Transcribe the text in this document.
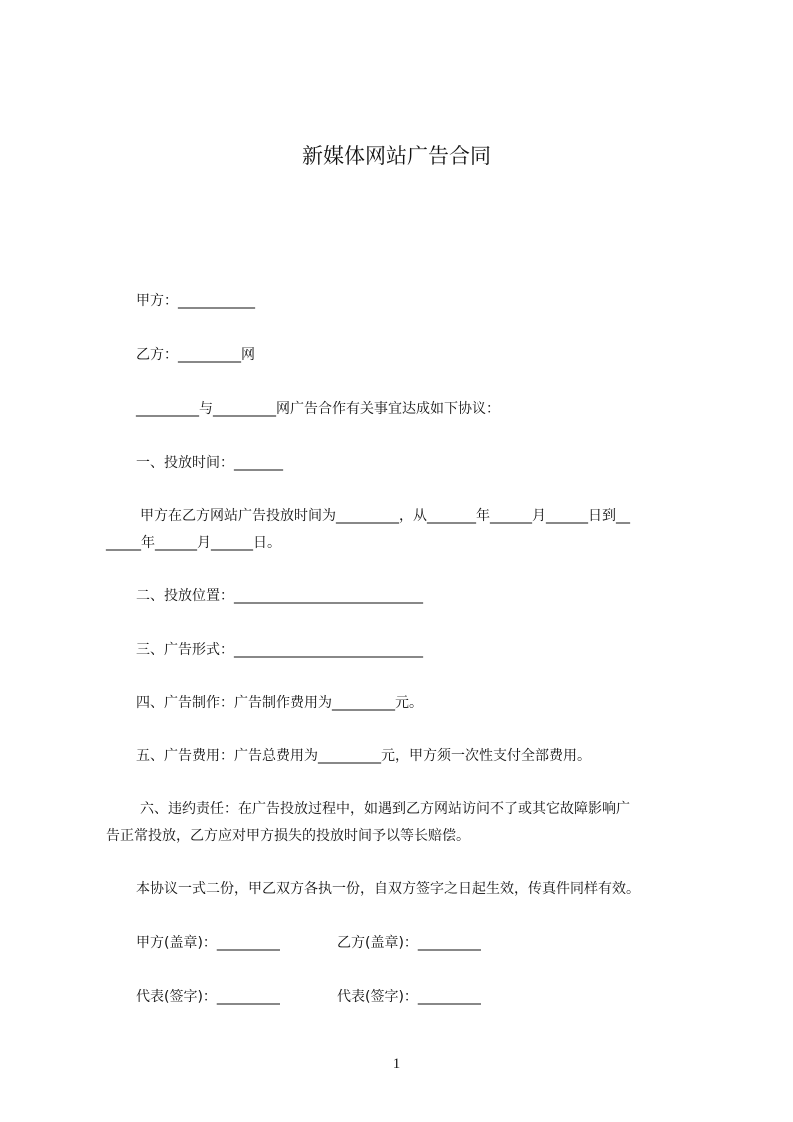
新媒体网站广告合同
甲方：___________
乙方：_________网
_________与_________网广告合作有关事宜达成如下协议：
一、投放时间：_______
甲方在乙方网站广告投放时间为_________，从_______年______月______日到__
_____年______月______日。
二、投放位置：___________________________
三、广告形式：___________________________
四、广告制作：广告制作费用为_________元。
五、广告费用：广告总费用为_________元，甲方须一次性支付全部费用。
六、违约责任：在广告投放过程中，如遇到乙方网站访问不了或其它故障影响广
告正常投放，乙方应对甲方损失的投放时间予以等长赔偿。
本协议一式二份，甲乙双方各执一份，自双方签字之日起生效，传真件同样有效。
甲方(盖章)：_________	乙方(盖章)：_________
代表(签字)：_________	代表(签字)：_________
1
